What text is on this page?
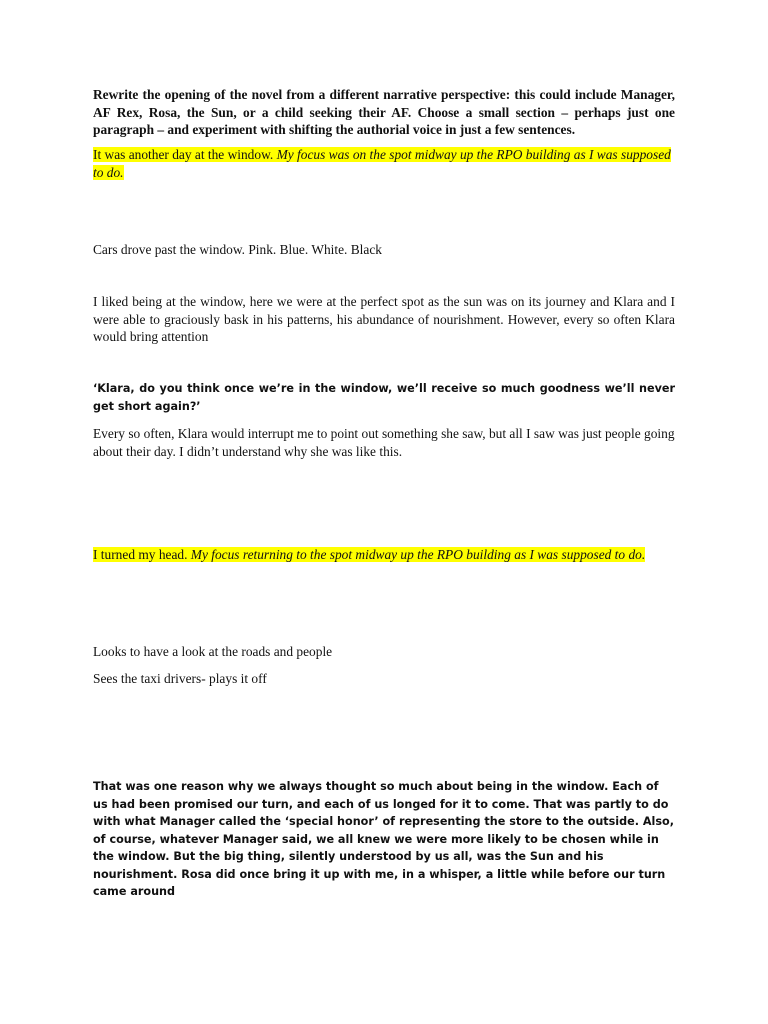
Rewrite the opening of the novel from a different narrative perspective: this could include Manager, AF Rex, Rosa, the Sun, or a child seeking their AF. Choose a small section – perhaps just one paragraph – and experiment with shifting the authorial voice in just a few sentences.

It was another day at the window. My focus was on the spot midway up the RPO building as I was supposed to do.

Cars drove past the window. Pink. Blue. White. Black

I liked being at the window, here we were at the perfect spot as the sun was on its journey and Klara and I were able to graciously bask in his patterns, his abundance of nourishment. However, every so often Klara would bring attention

‘Klara, do you think once we’re in the window, we’ll receive so much goodness we’ll never get short again?’

Every so often, Klara would interrupt me to point out something she saw, but all I saw was just people going about their day. I didn’t understand why she was like this.

I turned my head. My focus returning to the spot midway up the RPO building as I was supposed to do.

Looks to have a look at the roads and people

Sees the taxi drivers- plays it off

That was one reason why we always thought so much about being in the window. Each of us had been promised our turn, and each of us longed for it to come. That was partly to do with what Manager called the ‘special honor’ of representing the store to the outside. Also, of course, whatever Manager said, we all knew we were more likely to be chosen while in the window. But the big thing, silently understood by us all, was the Sun and his nourishment. Rosa did once bring it up with me, in a whisper, a little while before our turn came around
